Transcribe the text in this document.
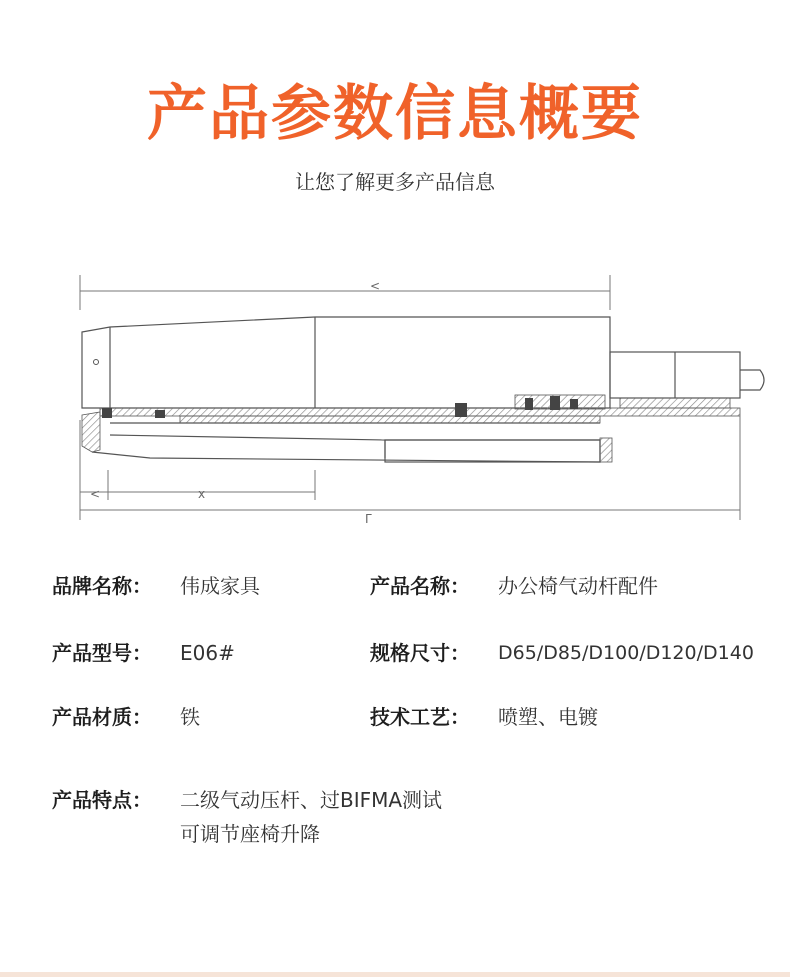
产品参数信息概要
让您了解更多产品信息
<
<	x
Γ
品牌名称： 伟成家具	产品名称： 办公椅气动杆配件
产品型号： E06#	规格尺寸： D65/D85/D100/D120/D140
产品材质： 铁	技术工艺： 喷塑、电镀
产品特点： 二级气动压杆、过BIFMA测试
可调节座椅升降
